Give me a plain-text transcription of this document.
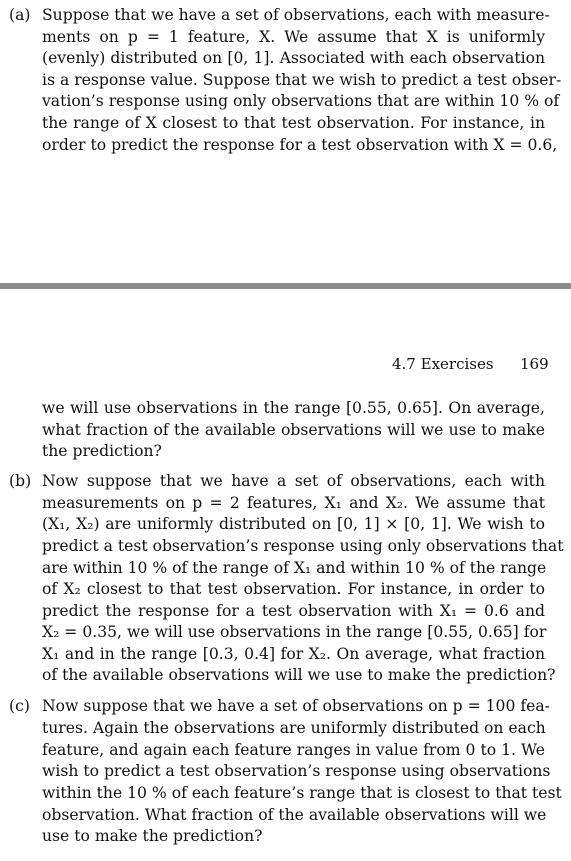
(a) Suppose that we have a set of observations, each with measure-
ments on p = 1 feature, X. We assume that X is uniformly
(evenly) distributed on [0, 1]. Associated with each observation
is a response value. Suppose that we wish to predict a test obser-
vation’s response using only observations that are within 10 % of
the range of X closest to that test observation. For instance, in
order to predict the response for a test observation with X = 0.6,
4.7 Exercises 169
we will use observations in the range [0.55, 0.65]. On average,
what fraction of the available observations will we use to make
the prediction?
(b) Now suppose that we have a set of observations, each with
measurements on p = 2 features, X₁ and X₂. We assume that
(X₁, X₂) are uniformly distributed on [0, 1] × [0, 1]. We wish to
predict a test observation’s response using only observations that
are within 10 % of the range of X₁ and within 10 % of the range
of X₂ closest to that test observation. For instance, in order to
predict the response for a test observation with X₁ = 0.6 and
X₂ = 0.35, we will use observations in the range [0.55, 0.65] for
X₁ and in the range [0.3, 0.4] for X₂. On average, what fraction
of the available observations will we use to make the prediction?
(c) Now suppose that we have a set of observations on p = 100 fea-
tures. Again the observations are uniformly distributed on each
feature, and again each feature ranges in value from 0 to 1. We
wish to predict a test observation’s response using observations
within the 10 % of each feature’s range that is closest to that test
observation. What fraction of the available observations will we
use to make the prediction?
